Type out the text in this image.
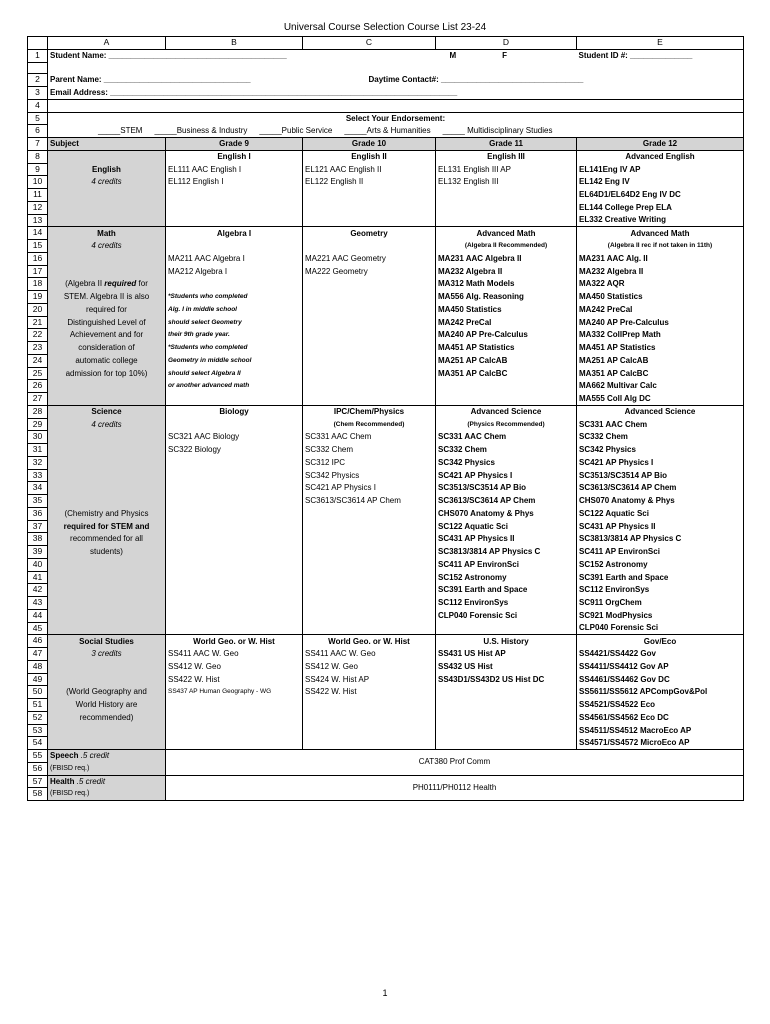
Universal Course Selection Course List 23-24
	A	B	C	D	E
1	Student Name: ________________________________________			M F	Student ID #: ______________

2	Parent Name: _________________________________		Daytime Contact#: ________________________________		
3	Email Address: ______________________________________________________________________________				
4					
5	Select Your Endorsement:				
6	_____STEM _____Business & Industry _____Public Service _____Arts & Humanities _____ Multidisciplinary Studies				
7	Subject	Grade 9	Grade 10	Grade 11	Grade 12
8		English I	English II	English III	Advanced English
9	English	EL111 AAC English I	EL121 AAC English II	EL131 English III AP	EL141Eng IV AP
10	4 credits	EL112 English I	EL122 English II	EL132 English III	EL142 Eng IV
11					EL64D1/EL64D2 Eng IV DC
12					EL144 College Prep ELA
13					EL332 Creative Writing
14	Math	Algebra I	Geometry	Advanced Math	Advanced Math
15	4 credits			(Algebra II Recommended)	(Algebra II rec if not taken in 11th)
16		MA211 AAC Algebra I	MA221 AAC Geometry	MA231 AAC Algebra II	MA231 AAC Alg. II
17		MA212 Algebra I	MA222 Geometry	MA232 Algebra II	MA232 Algebra II
18	(Algebra II required for			MA312 Math Models	MA322 AQR
19	STEM. Algebra II is also	*Students who completed		MA556 Alg. Reasoning	MA450 Statistics
20	required for	Alg. I in middle school		MA450 Statistics	MA242 PreCal
21	Distinguished Level of	should select Geometry		MA242 PreCal	MA240 AP Pre-Calculus
22	Achievement and for	their 9th grade year.		MA240 AP Pre-Calculus	MA332 CollPrep Math
23	consideration of	*Students who completed		MA451 AP Statistics	MA451 AP Statistics
24	automatic college	Geometry in middle school		MA251 AP CalcAB	MA251 AP CalcAB
25	admission for top 10%)	should select Algebra II		MA351 AP CalcBC	MA351 AP CalcBC
26		or another advanced math			MA662 Multivar Calc
27					MA555 Coll Alg DC
28	Science	Biology	IPC/Chem/Physics	Advanced Science	Advanced Science
29	4 credits		(Chem Recommended)	(Physics Recommended)	SC331 AAC Chem
30		SC321 AAC Biology	SC331 AAC Chem	SC331 AAC Chem	SC332 Chem
31		SC322 Biology	SC332 Chem	SC332 Chem	SC342 Physics
32			SC312 IPC	SC342 Physics	SC421 AP Physics I
33			SC342 Physics	SC421 AP Physics I	SC3513/SC3514 AP Bio
34			SC421 AP Physics I	SC3513/SC3514 AP Bio	SC3613/SC3614 AP Chem
35			SC3613/SC3614 AP Chem	SC3613/SC3614 AP Chem	CHS070 Anatomy & Phys
36	(Chemistry and Physics			CHS070 Anatomy & Phys	SC122 Aquatic Sci
37	required for STEM and			SC122 Aquatic Sci	SC431 AP Physics II
38	recommended for all			SC431 AP Physics II	SC3813/3814 AP Physics C
39	students)			SC3813/3814 AP Physics C	SC411 AP EnvironSci
40				SC411 AP EnvironSci	SC152 Astronomy
41				SC152 Astronomy	SC391 Earth and Space
42				SC391 Earth and Space	SC112 EnvironSys
43				SC112 EnvironSys	SC911 OrgChem
44				CLP040 Forensic Sci	SC921 ModPhysics
45					CLP040 Forensic Sci
46	Social Studies	World Geo. or W. Hist	World Geo. or W. Hist	U.S. History	Gov/Eco
47	3 credits	SS411 AAC W. Geo	SS411 AAC W. Geo	SS431 US Hist AP	SS4421/SS4422 Gov
48		SS412 W. Geo	SS412 W. Geo	SS432 US Hist	SS4411/SS4412 Gov AP
49		SS422 W. Hist	SS424 W. Hist AP	SS43D1/SS43D2 US Hist DC	SS4461/SS4462 Gov DC
50	(World Geography and	SS437 AP Human Geography - WG	SS422 W. Hist		SS5611/SS5612 APCompGov&Pol
51	World History are				SS4521/SS4522 Eco
52	recommended)				SS4561/SS4562 Eco DC
53					SS4511/SS4512 MacroEco AP
54					SS4571/SS4572 MicroEco AP
55	Speech .5 credit	CAT380 Prof Comm			
56	(FBISD req.)				
57	Health .5 credit	PH0111/PH0112 Health			
58	(FBISD req.)				
1
